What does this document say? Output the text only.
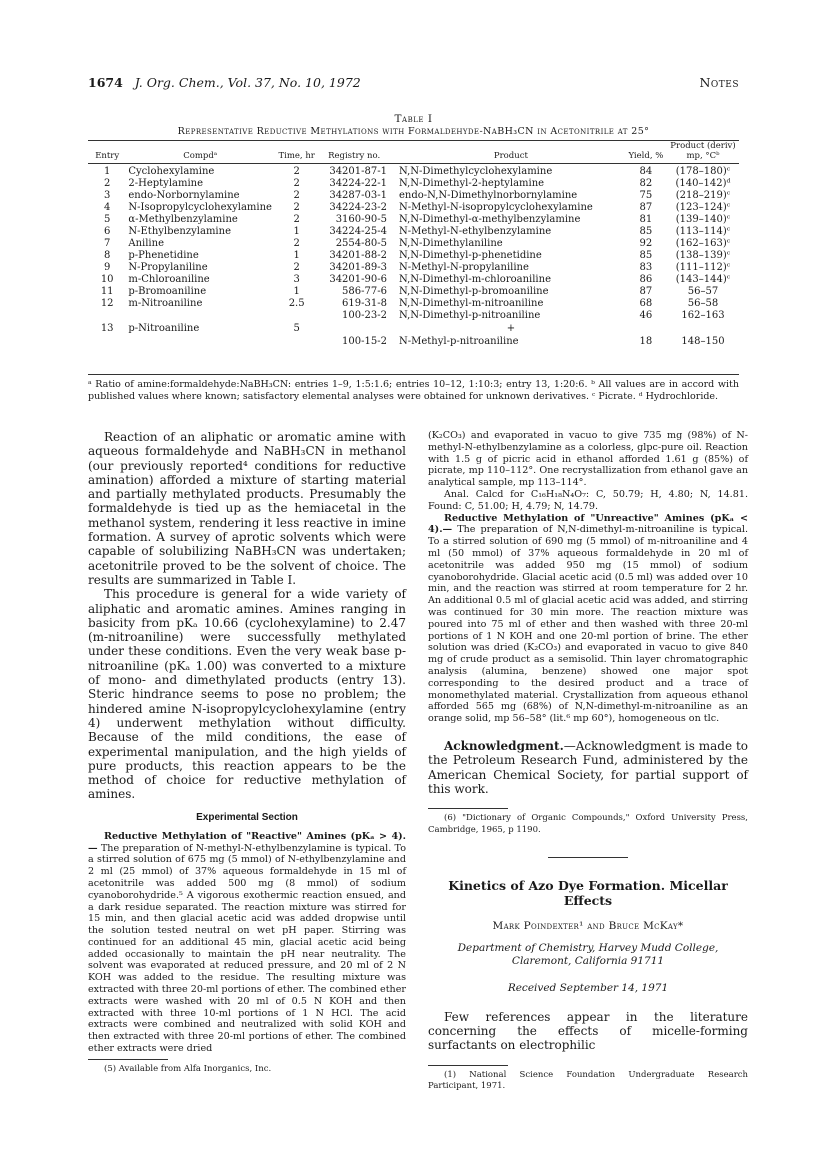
1674 J. Org. Chem., Vol. 37, No. 10, 1972	Notes
Table I
Representative Reductive Methylations with Formaldehyde-NaBH₃CN in Acetonitrile at 25°
Entry	Compdᵃ	Time, hr	Registry no.	Product	Yield, %	Product (deriv) mp, °Cᵇ

1	Cyclohexylamine	2	34201-87-1	N,N-Dimethylcyclohexylamine	84	(178–180)ᶜ
2	2-Heptylamine	2	34224-22-1	N,N-Dimethyl-2-heptylamine	82	(140–142)ᵈ
3	endo-Norbornylamine	2	34287-03-1	endo-N,N-Dimethylnorbornylamine	75	(218–219)ᶜ
4	N-Isopropylcyclohexylamine	2	34224-23-2	N-Methyl-N-isopropylcyclohexylamine	87	(123–124)ᶜ
5	α-Methylbenzylamine	2	3160-90-5	N,N-Dimethyl-α-methylbenzylamine	81	(139–140)ᶜ
6	N-Ethylbenzylamine	1	34224-25-4	N-Methyl-N-ethylbenzylamine	85	(113–114)ᶜ
7	Aniline	2	2554-80-5	N,N-Dimethylaniline	92	(162–163)ᶜ
8	p-Phenetidine	1	34201-88-2	N,N-Dimethyl-p-phenetidine	85	(138–139)ᶜ
9	N-Propylaniline	2	34201-89-3	N-Methyl-N-propylaniline	83	(111–112)ᶜ
10	m-Chloroaniline	3	34201-90-6	N,N-Dimethyl-m-chloroaniline	86	(143–144)ᶜ
11	p-Bromoaniline	1	586-77-6	N,N-Dimethyl-p-bromoaniline	87	56–57
12	m-Nitroaniline	2.5	619-31-8	N,N-Dimethyl-m-nitroaniline	68	56–58
			100-23-2	N,N-Dimethyl-p-nitroaniline	46	162–163
13	p-Nitroaniline	5		+		
			100-15-2	N-Methyl-p-nitroaniline	18	148–150
ᵃ Ratio of amine:formaldehyde:NaBH₃CN: entries 1–9, 1:5:1.6; entries 10–12, 1:10:3; entry 13, 1:20:6. ᵇ All values are in accord with published values where known; satisfactory elemental analyses were obtained for unknown derivatives. ᶜ Picrate. ᵈ Hydrochloride.

Reaction of an aliphatic or aromatic amine with aqueous formaldehyde and NaBH₃CN in methanol (our previously reported⁴ conditions for reductive amination) afforded a mixture of starting material and partially methylated products. Presumably the formaldehyde is tied up as the hemiacetal in the methanol system, rendering it less reactive in imine formation. A survey of aprotic solvents which were capable of solubilizing NaBH₃CN was undertaken; acetonitrile proved to be the solvent of choice. The results are summarized in Table I.

This procedure is general for a wide variety of aliphatic and aromatic amines. Amines ranging in basicity from pKₐ 10.66 (cyclohexylamine) to 2.47 (m-nitroaniline) were successfully methylated under these conditions. Even the very weak base p-nitroaniline (pKₐ 1.00) was converted to a mixture of mono- and dimethylated products (entry 13). Steric hindrance seems to pose no problem; the hindered amine N-isopropylcyclohexylamine (entry 4) underwent methylation without difficulty. Because of the mild conditions, the ease of experimental manipulation, and the high yields of pure products, this reaction appears to be the method of choice for reductive methylation of amines.

Experimental Section

Reductive Methylation of "Reactive" Amines (pKₐ > 4).— The preparation of N-methyl-N-ethylbenzylamine is typical. To a stirred solution of 675 mg (5 mmol) of N-ethylbenzylamine and 2 ml (25 mmol) of 37% aqueous formaldehyde in 15 ml of acetonitrile was added 500 mg (8 mmol) of sodium cyanoborohydride.⁵ A vigorous exothermic reaction ensued, and a dark residue separated. The reaction mixture was stirred for 15 min, and then glacial acetic acid was added dropwise until the solution tested neutral on wet pH paper. Stirring was continued for an additional 45 min, glacial acetic acid being added occasionally to maintain the pH near neutrality. The solvent was evaporated at reduced pressure, and 20 ml of 2 N KOH was added to the residue. The resulting mixture was extracted with three 20-ml portions of ether. The combined ether extracts were washed with 20 ml of 0.5 N KOH and then extracted with three 10-ml portions of 1 N HCl. The acid extracts were combined and neutralized with solid KOH and then extracted with three 20-ml portions of ether. The combined ether extracts were dried

(5) Available from Alfa Inorganics, Inc.

(K₂CO₃) and evaporated in vacuo to give 735 mg (98%) of N-methyl-N-ethylbenzylamine as a colorless, glpc-pure oil. Reaction with 1.5 g of picric acid in ethanol afforded 1.61 g (85%) of picrate, mp 110–112°. One recrystallization from ethanol gave an analytical sample, mp 113–114°.

Anal. Calcd for C₁₆H₁₈N₄O₇: C, 50.79; H, 4.80; N, 14.81. Found: C, 51.00; H, 4.79; N, 14.79.

Reductive Methylation of "Unreactive" Amines (pKₐ < 4).— The preparation of N,N-dimethyl-m-nitroaniline is typical. To a stirred solution of 690 mg (5 mmol) of m-nitroaniline and 4 ml (50 mmol) of 37% aqueous formaldehyde in 20 ml of acetonitrile was added 950 mg (15 mmol) of sodium cyanoborohydride. Glacial acetic acid (0.5 ml) was added over 10 min, and the reaction was stirred at room temperature for 2 hr. An additional 0.5 ml of glacial acetic acid was added, and stirring was continued for 30 min more. The reaction mixture was poured into 75 ml of ether and then washed with three 20-ml portions of 1 N KOH and one 20-ml portion of brine. The ether solution was dried (K₂CO₃) and evaporated in vacuo to give 840 mg of crude product as a semisolid. Thin layer chromatographic analysis (alumina, benzene) showed one major spot corresponding to the desired product and a trace of monomethylated material. Crystallization from aqueous ethanol afforded 565 mg (68%) of N,N-dimethyl-m-nitroaniline as an orange solid, mp 56–58° (lit.⁶ mp 60°), homogeneous on tlc.

Acknowledgment.—Acknowledgment is made to the Petroleum Research Fund, administered by the American Chemical Society, for partial support of this work.

(6) "Dictionary of Organic Compounds," Oxford University Press, Cambridge, 1965, p 1190.

Kinetics of Azo Dye Formation. Micellar Effects
Mark Poindexter¹ and Bruce McKay*
Department of Chemistry, Harvey Mudd College, Claremont, California 91711
Received September 14, 1971

Few references appear in the literature concerning the effects of micelle-forming surfactants on electrophilic

(1) National Science Foundation Undergraduate Research Participant, 1971.
